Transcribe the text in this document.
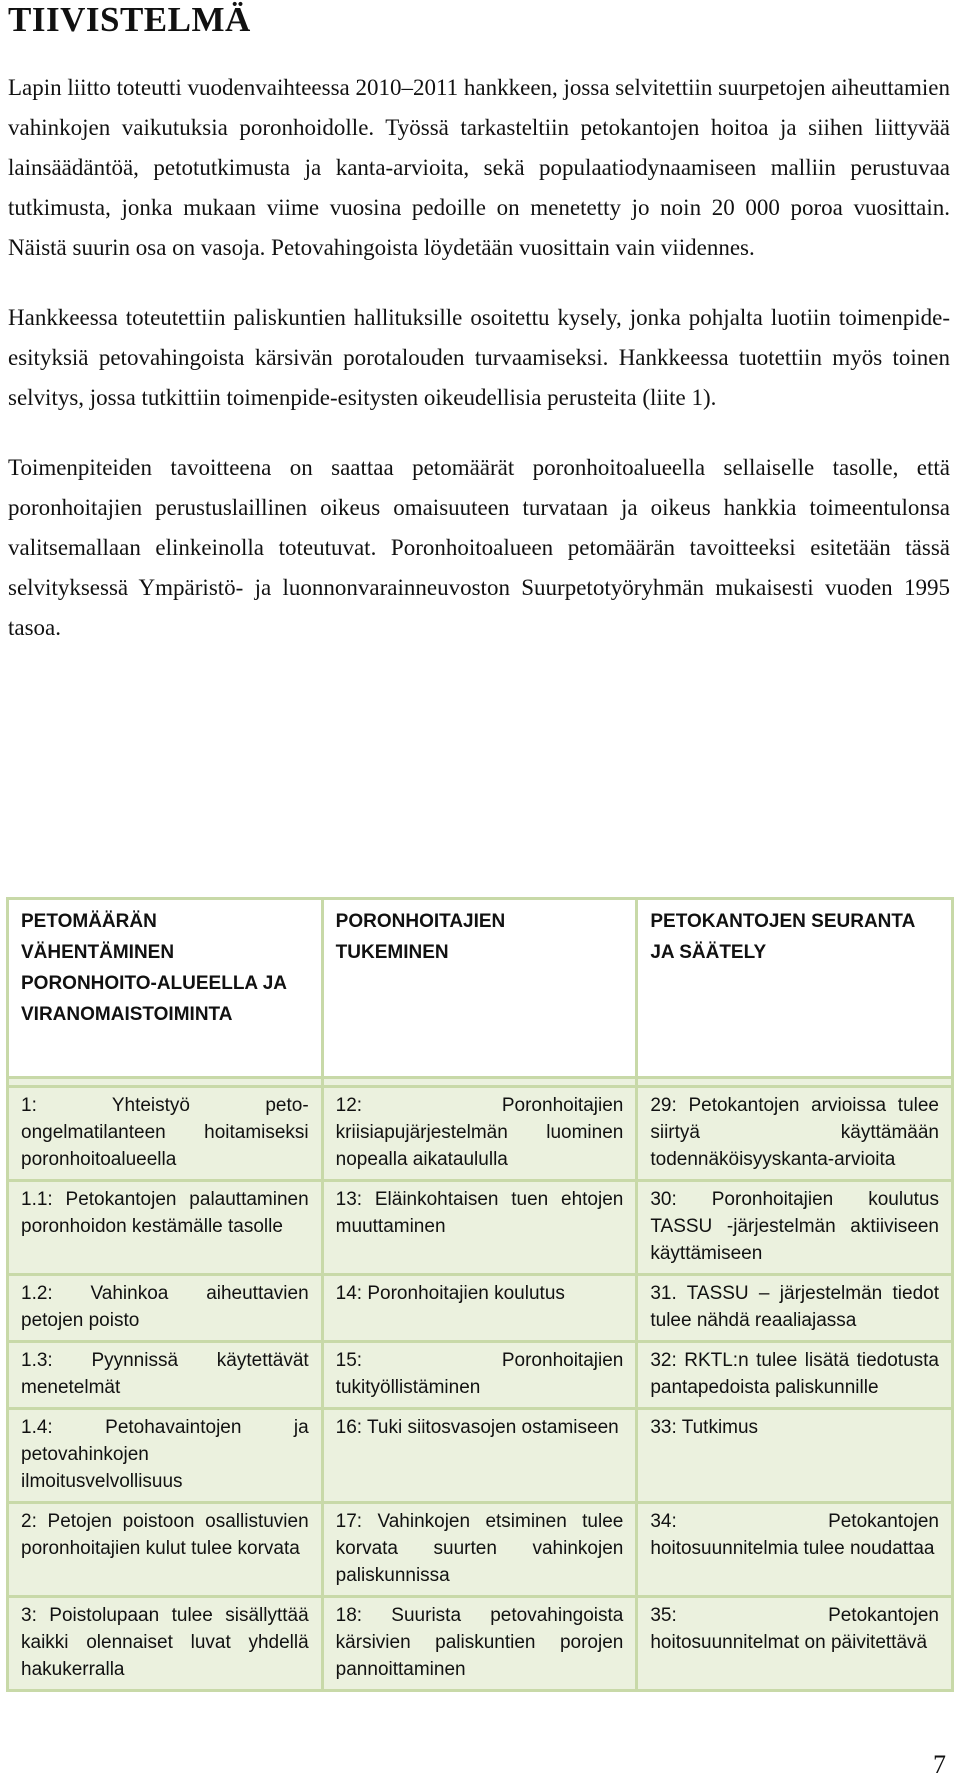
TIIVISTELMÄ

Lapin liitto toteutti vuodenvaihteessa 2010–2011 hankkeen, jossa selvitettiin suurpetojen aiheuttamien vahinkojen vaikutuksia poronhoidolle. Työssä tarkasteltiin petokantojen hoitoa ja siihen liittyvää lainsäädäntöä, petotutkimusta ja kanta-arvioita, sekä populaatiodynaamiseen malliin perustuvaa tutkimusta, jonka mukaan viime vuosina pedoille on menetetty jo noin 20 000 poroa vuosittain. Näistä suurin osa on vasoja. Petovahingoista löydetään vuosittain vain viidennes.

Hankkeessa toteutettiin paliskuntien hallituksille osoitettu kysely, jonka pohjalta luotiin toimenpide-esityksiä petovahingoista kärsivän porotalouden turvaamiseksi. Hankkeessa tuotettiin myös toinen selvitys, jossa tutkittiin toimenpide-esitysten oikeudellisia perusteita (liite 1).

Toimenpiteiden tavoitteena on saattaa petomäärät poronhoitoalueella sellaiselle tasolle, että poronhoitajien perustuslaillinen oikeus omaisuuteen turvataan ja oikeus hankkia toimeentulonsa valitsemallaan elinkeinolla toteutuvat. Poronhoitoalueen petomäärän tavoitteeksi esitetään tässä selvityksessä Ympäristö- ja luonnonvarainneuvoston Suurpetotyöryhmän mukaisesti vuoden 1995 tasoa.

PETOMÄÄRÄN VÄHENTÄMINEN PORONHOITO-ALUEELLA JA VIRANOMAISTOIMINTA	PORONHOITAJIEN TUKEMINEN	PETOKANTOJEN SEURANTA JA SÄÄTELY

1: Yhteistyö peto-ongelmatilanteen hoitamiseksi poronhoitoalueella	12: Poronhoitajien kriisiapujärjestelmän luominen nopealla aikataululla	29: Petokantojen arvioissa tulee siirtyä käyttämään todennäköisyyskanta-arvioita
1.1: Petokantojen palauttaminen poronhoidon kestämälle tasolle	13: Eläinkohtaisen tuen ehtojen muuttaminen	30: Poronhoitajien koulutus TASSU -järjestelmän aktiiviseen käyttämiseen
1.2: Vahinkoa aiheuttavien petojen poisto	14: Poronhoitajien koulutus	31. TASSU – järjestelmän tiedot tulee nähdä reaaliajassa
1.3: Pyynnissä käytettävät menetelmät	15: Poronhoitajien tukityöllistäminen	32: RKTL:n tulee lisätä tiedotusta pantapedoista paliskunnille
1.4: Petohavaintojen ja petovahinkojen ilmoitusvelvollisuus	16: Tuki siitosvasojen ostamiseen	33: Tutkimus
2: Petojen poistoon osallistuvien poronhoitajien kulut tulee korvata	17: Vahinkojen etsiminen tulee korvata suurten vahinkojen paliskunnissa	34: Petokantojen hoitosuunnitelmia tulee noudattaa
3: Poistolupaan tulee sisällyttää kaikki olennaiset luvat yhdellä hakukerralla	18: Suurista petovahingoista kärsivien paliskuntien porojen pannoittaminen	35: Petokantojen hoitosuunnitelmat on päivitettävä
7
